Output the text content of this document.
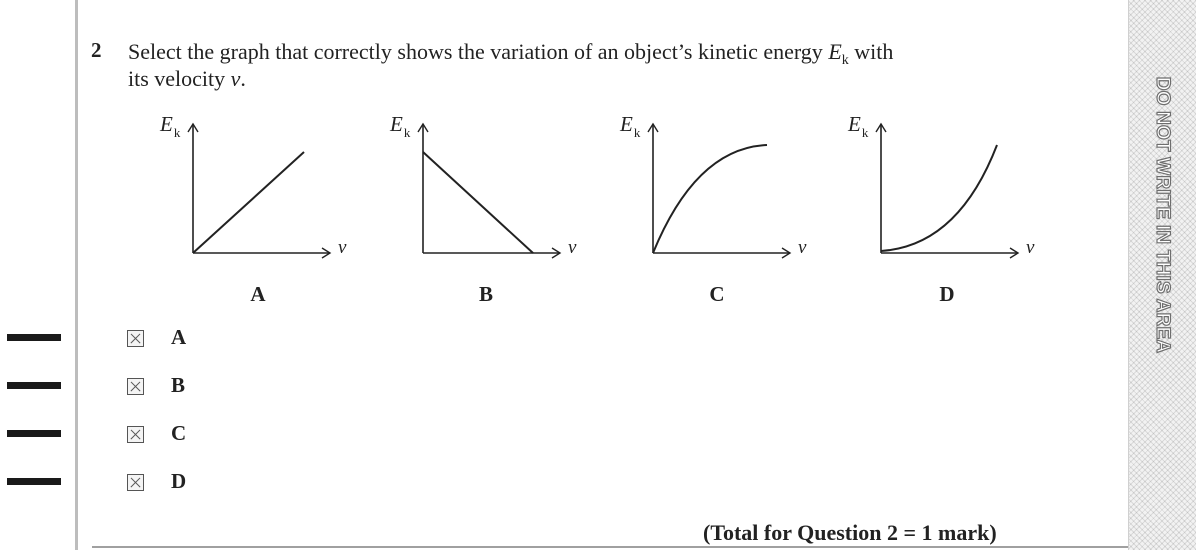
DO NOT WRITE IN THIS AREA
2 Select the graph that correctly shows the variation of an object’s kinetic energy $E_k$ with
its velocity v.
$E_k$
v
A
$E_k$
v
B
$E_k$
v
C
$E_k$
v
D
A
B
C
D
(Total for Question 2 = 1 mark)
